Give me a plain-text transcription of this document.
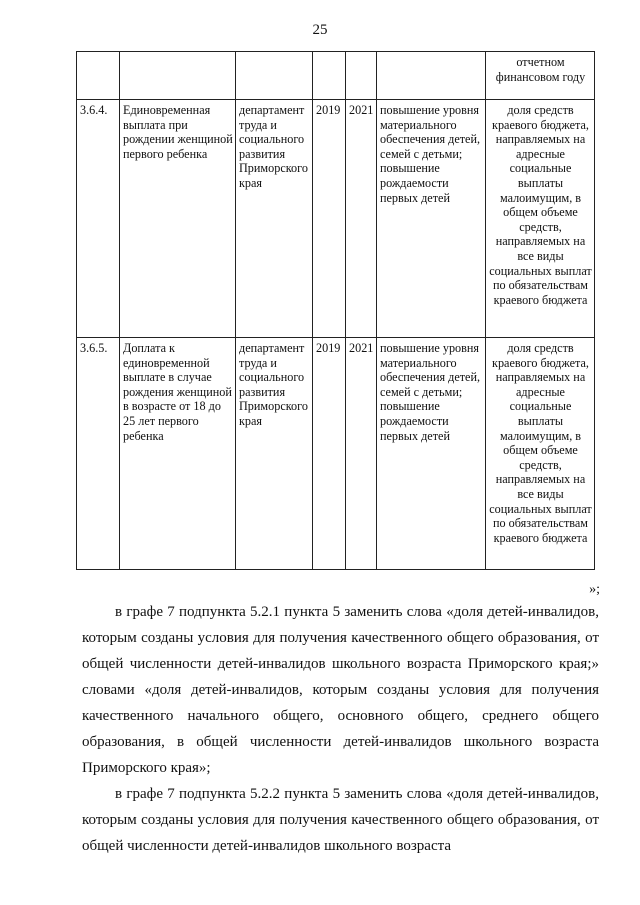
25
						отчетном финансовом году
3.6.4.	Единовременная выплата при рождении женщиной первого ребенка	департамент труда и социального развития Приморского края	2019	2021	повышение уровня материального обеспечения детей, семей с детьми; повышение рождаемости первых детей	доля средств краевого бюджета, направляемых на адресные социальные выплаты малоимущим, в общем объеме средств, направляемых на все виды социальных выплат по обязательствам краевого бюджета
3.6.5.	Доплата к единовременной выплате в случае рождения женщиной в возрасте от 18 до 25 лет первого ребенка	департамент труда и социального развития Приморского края	2019	2021	повышение уровня материального обеспечения детей, семей с детьми; повышение рождаемости первых детей	доля средств краевого бюджета, направляемых на адресные социальные выплаты малоимущим, в общем объеме средств, направляемых на все виды социальных выплат по обязательствам краевого бюджета
»;

в графе 7 подпункта 5.2.1 пункта 5 заменить слова «доля детей-инвалидов, которым созданы условия для получения качественного общего образования, от общей численности детей-инвалидов школьного возраста Приморского края;» словами «доля детей-инвалидов, которым созданы условия для получения качественного начального общего, основного общего, среднего общего образования, в общей численности детей-инвалидов школьного возраста Приморского края»;

в графе 7 подпункта 5.2.2 пункта 5 заменить слова «доля детей-инвалидов, которым созданы условия для получения качественного общего образования, от общей численности детей-инвалидов школьного возраста
